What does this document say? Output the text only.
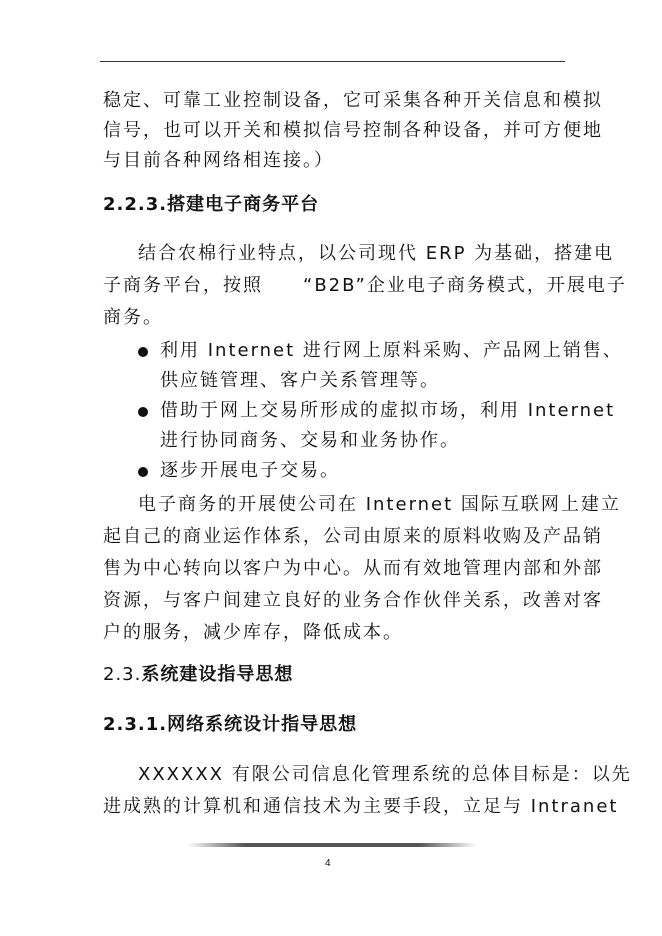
稳定、可靠工业控制设备，它可采集各种开关信息和模拟
信号，也可以开关和模拟信号控制各种设备，并可方便地
与目前各种网络相连接。）
2.2.3.搭建电子商务平台
结合农棉行业特点，以公司现代 ERP 为基础，搭建电
子商务平台，按照　　“B2B”企业电子商务模式，开展电子
商务。
利用 Internet 进行网上原料采购、产品网上销售、
供应链管理、客户关系管理等。
借助于网上交易所形成的虚拟市场，利用 Internet
进行协同商务、交易和业务协作。
逐步开展电子交易。
电子商务的开展使公司在 Internet 国际互联网上建立
起自己的商业运作体系，公司由原来的原料收购及产品销
售为中心转向以客户为中心。从而有效地管理内部和外部
资源，与客户间建立良好的业务合作伙伴关系，改善对客
户的服务，减少库存，降低成本。
2.3.系统建设指导思想
2.3.1.网络系统设计指导思想
XXXXXX 有限公司信息化管理系统的总体目标是：以先
进成熟的计算机和通信技术为主要手段，立足与 Intranet
4
